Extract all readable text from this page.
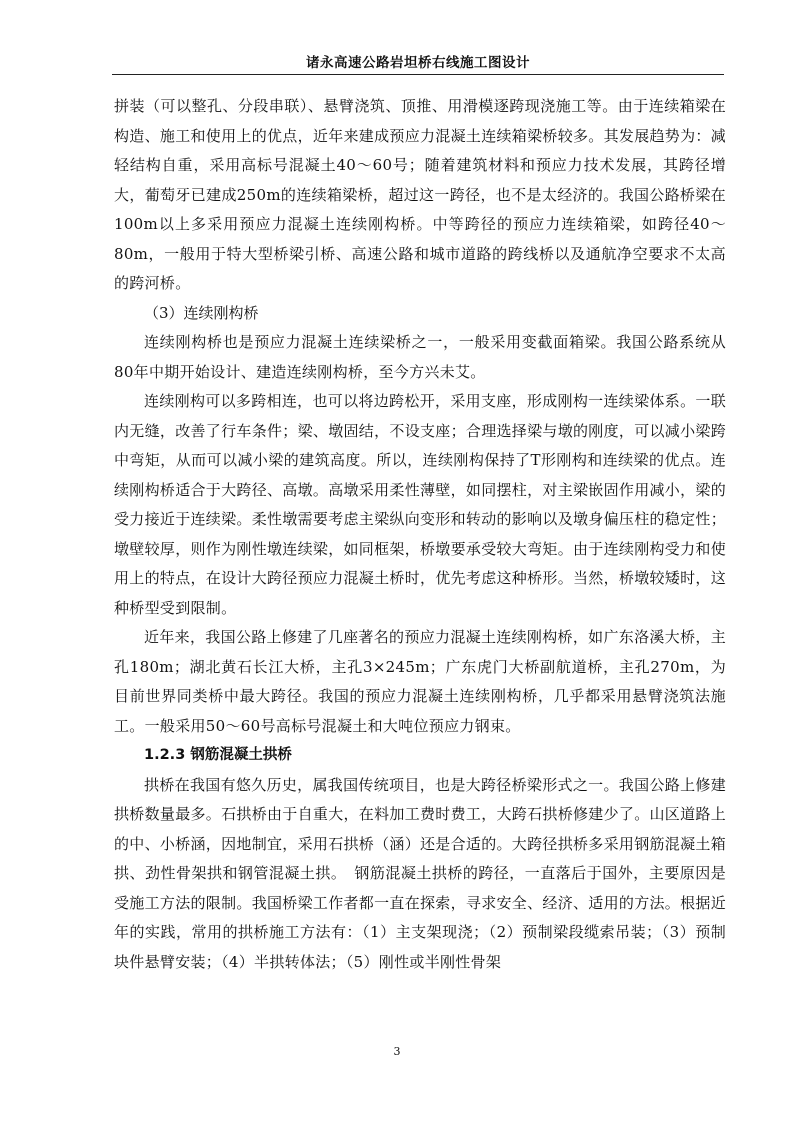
诸永高速公路岩坦桥右线施工图设计

拼装（可以整孔、分段串联）、悬臂浇筑、顶推、用滑模逐跨现浇施工等。由于连续箱梁在构造、施工和使用上的优点，近年来建成预应力混凝土连续箱梁桥较多。其发展趋势为：减轻结构自重，采用高标号混凝土40～60号；随着建筑材料和预应力技术发展，其跨径增大，葡萄牙已建成250m的连续箱梁桥，超过这一跨径，也不是太经济的。我国公路桥梁在100m以上多采用预应力混凝土连续刚构桥。中等跨径的预应力连续箱梁，如跨径40～80m，一般用于特大型桥梁引桥、高速公路和城市道路的跨线桥以及通航净空要求不太高的跨河桥。

（3）连续刚构桥

连续刚构桥也是预应力混凝土连续梁桥之一，一般采用变截面箱梁。我国公路系统从80年中期开始设计、建造连续刚构桥，至今方兴未艾。

连续刚构可以多跨相连，也可以将边跨松开，采用支座，形成刚构一连续梁体系。一联内无缝，改善了行车条件；梁、墩固结，不设支座；合理选择梁与墩的刚度，可以减小梁跨中弯矩，从而可以减小梁的建筑高度。所以，连续刚构保持了T形刚构和连续梁的优点。连续刚构桥适合于大跨径、高墩。高墩采用柔性薄壁，如同摆柱，对主梁嵌固作用减小，梁的受力接近于连续梁。柔性墩需要考虑主梁纵向变形和转动的影响以及墩身偏压柱的稳定性；墩壁较厚，则作为刚性墩连续梁，如同框架，桥墩要承受较大弯矩。由于连续刚构受力和使用上的特点，在设计大跨径预应力混凝土桥时，优先考虑这种桥形。当然，桥墩较矮时，这种桥型受到限制。

近年来，我国公路上修建了几座著名的预应力混凝土连续刚构桥，如广东洛溪大桥，主孔180m；湖北黄石长江大桥，主孔3×245m；广东虎门大桥副航道桥，主孔270m，为目前世界同类桥中最大跨径。我国的预应力混凝土连续刚构桥，几乎都采用悬臂浇筑法施工。一般采用50～60号高标号混凝土和大吨位预应力钢束。

1.2.3 钢筋混凝土拱桥

拱桥在我国有悠久历史，属我国传统项目，也是大跨径桥梁形式之一。我国公路上修建拱桥数量最多。石拱桥由于自重大，在料加工费时费工，大跨石拱桥修建少了。山区道路上的中、小桥涵，因地制宜，采用石拱桥（涵）还是合适的。大跨径拱桥多采用钢筋混凝土箱拱、劲性骨架拱和钢管混凝土拱。　钢筋混凝土拱桥的跨径，一直落后于国外，主要原因是受施工方法的限制。我国桥梁工作者都一直在探索，寻求安全、经济、适用的方法。根据近年的实践，常用的拱桥施工方法有：（1）主支架现浇；（2）预制梁段缆索吊装；（3）预制块件悬臂安装；（4）半拱转体法；（5）刚性或半刚性骨架

3
